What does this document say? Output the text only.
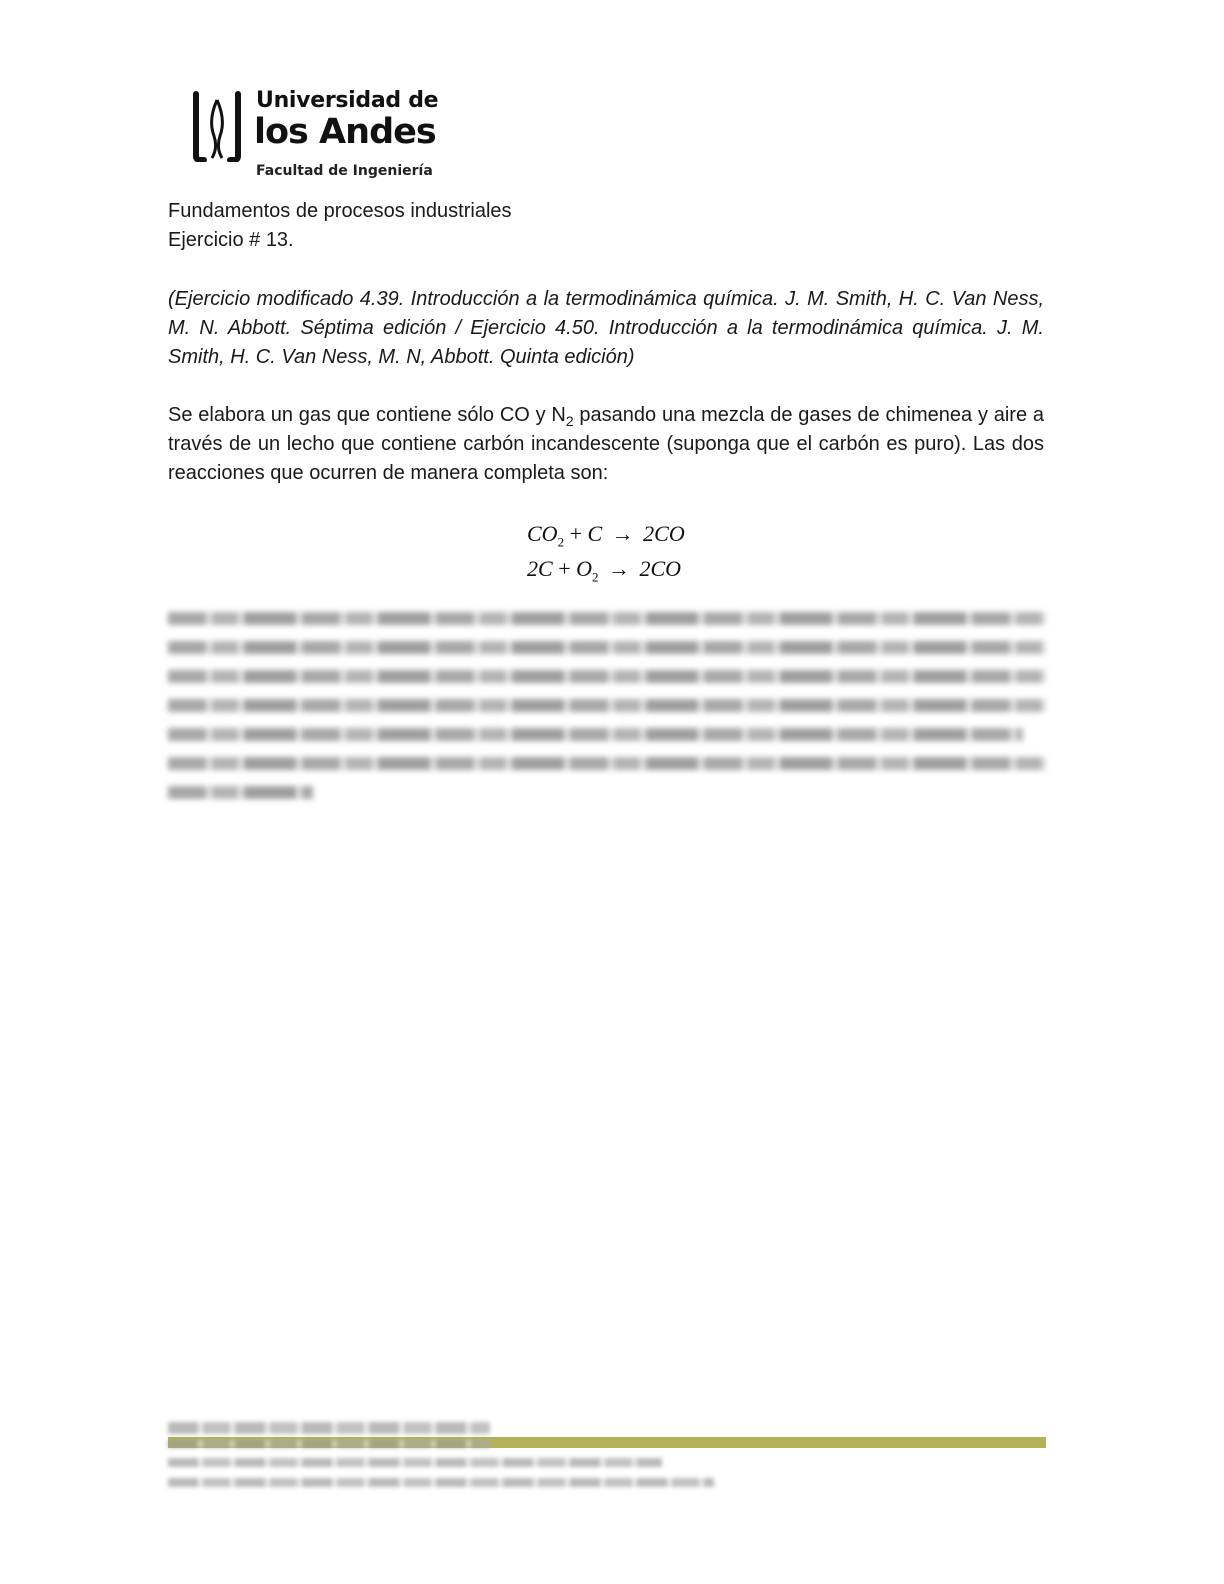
Universidad de
los Andes
Facultad de Ingeniería
Fundamentos de procesos industriales
Ejercicio # 13.
(Ejercicio modificado 4.39. Introducción a la termodinámica química. J. M. Smith, H. C. Van Ness, M. N. Abbott. Séptima edición / Ejercicio 4.50. Introducción a la termodinámica química. J. M. Smith, H. C. Van Ness, M. N, Abbott. Quinta edición)
Se elabora un gas que contiene sólo CO y $N_2$ pasando una mezcla de gases de chimenea y aire a través de un lecho que contiene carbón incandescente (suponga que el carbón es puro). Las dos reacciones que ocurren de manera completa son:
$CO_2 + C \to 2CO$
$2C + O_2 \to 2CO$
